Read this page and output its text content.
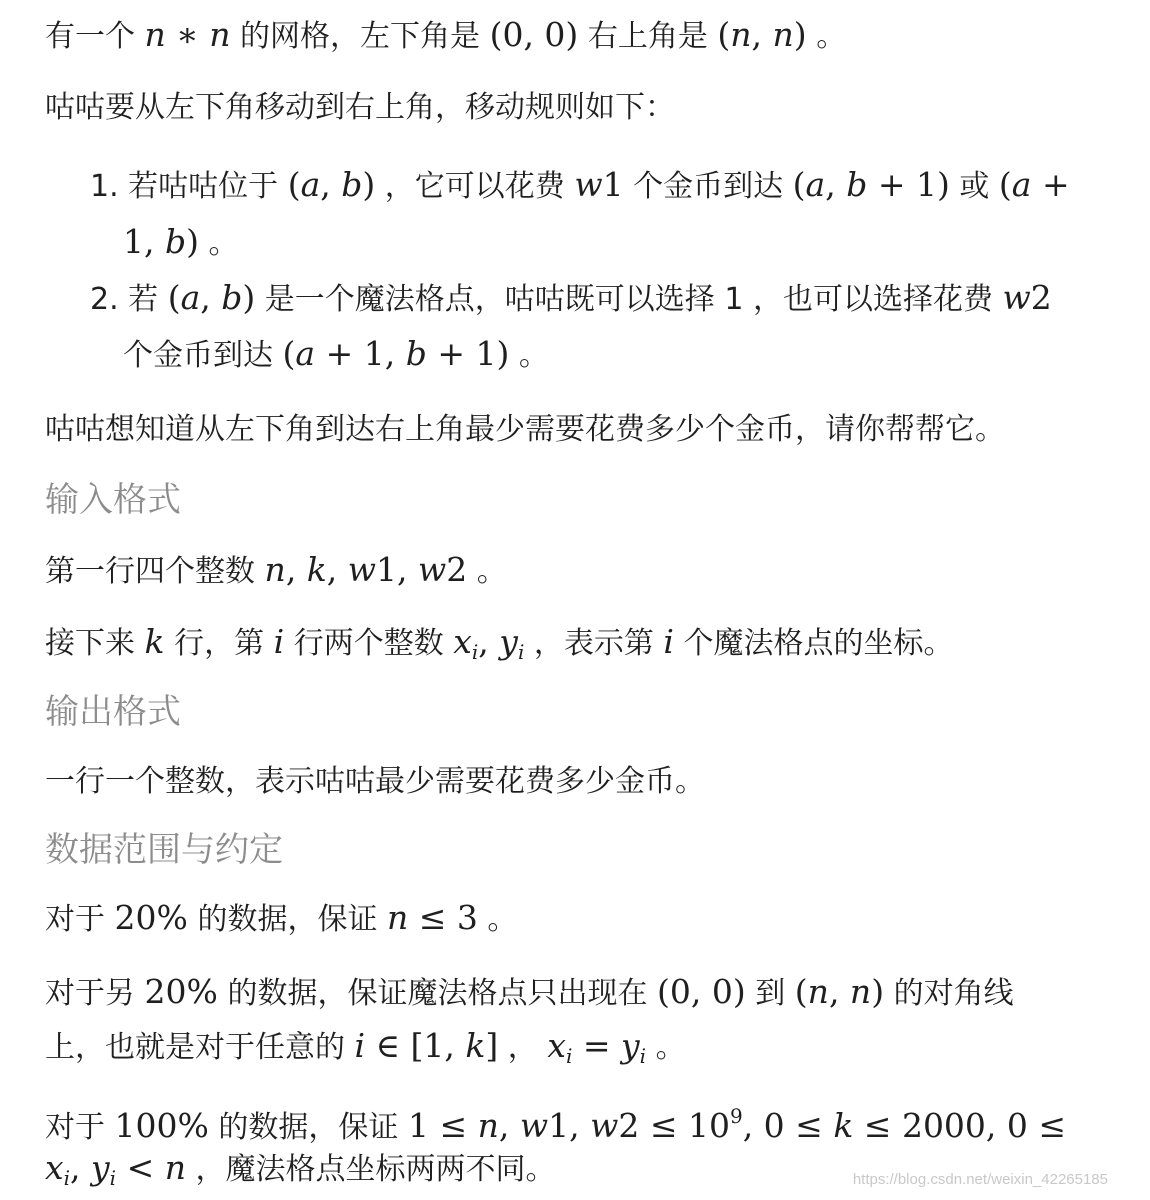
有一个 n ∗ n 的网格，左下角是 (0, 0) 右上角是 (n, n) 。
咕咕要从左下角移动到右上角，移动规则如下：
1. 若咕咕位于 (a, b) ，它可以花费 w1 个金币到达 (a, b + 1) 或 (a +
1, b) 。
2. 若 (a, b) 是一个魔法格点，咕咕既可以选择 1 ，也可以选择花费 w2
个金币到达 (a + 1, b + 1) 。
咕咕想知道从左下角到达右上角最少需要花费多少个金币，请你帮帮它。
输入格式
第一行四个整数 n, k, w1, w2 。
接下来 k 行，第 i 行两个整数 $x_i$, $y_i$ ，表示第 i 个魔法格点的坐标。
输出格式
一行一个整数，表示咕咕最少需要花费多少金币。
数据范围与约定
对于 20% 的数据，保证 n ≤ 3 。
对于另 20% 的数据，保证魔法格点只出现在 (0, 0) 到 (n, n) 的对角线
上，也就是对于任意的 i ∈ [1, k] ， $x_i = y_i$ 。
对于 100% 的数据，保证 1 ≤ n, w1, $w2 \le 10^9$, 0 ≤ k ≤ 2000, 0 ≤
$x_i$, $y_i < n$ ，魔法格点坐标两两不同。	https://blog.csdn.net/weixin_42265185
